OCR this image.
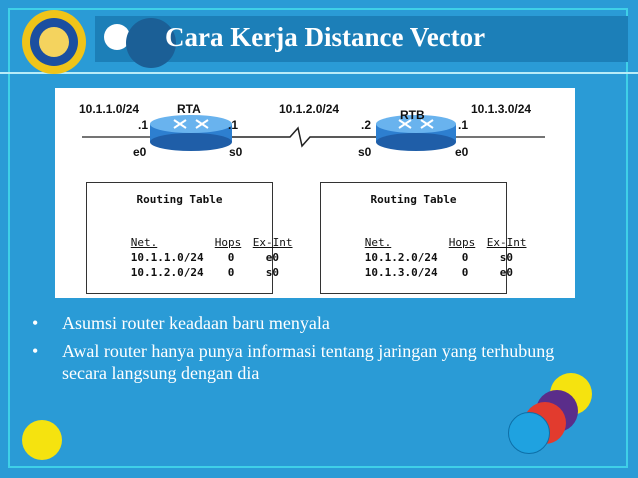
Cara Kerja Distance Vector
10.1.1.0/24	10.1.2.0/24	10.1.3.0/24
RTA	RTB
.1	.1	.2	.1
e0	s0	s0	e0
Routing Table

Net.	Hops Ex-Int

10.1.1.0/24 0	e0

10.1.2.0/24 0	s0

Routing Table

Net.	Hops Ex-Int

10.1.2.0/24 0	s0

10.1.3.0/24 0	e0

• Asumsi router keadaan baru menyala
• Awal router hanya punya informasi tentang jaringan yang terhubung secara langsung dengan dia
